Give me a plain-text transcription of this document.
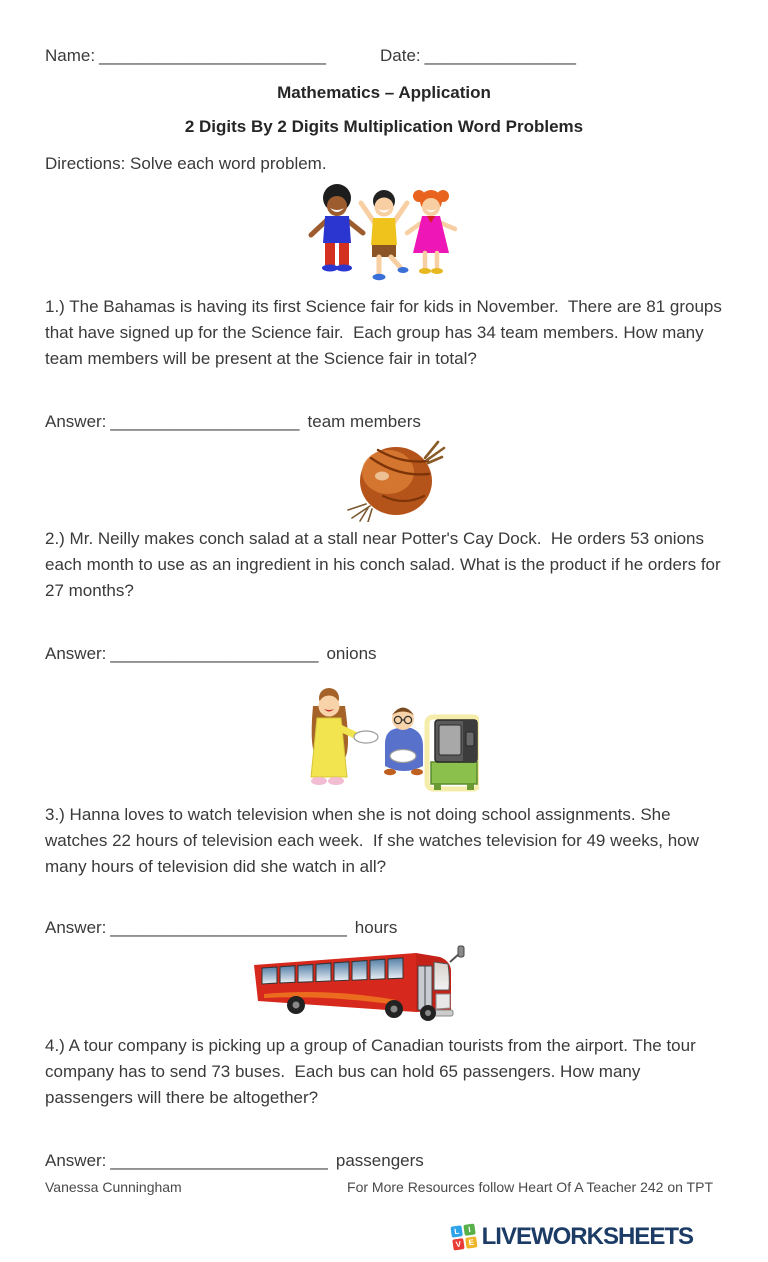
Name: ________________________	Date: ________________
Mathematics – Application
2 Digits By 2 Digits Multiplication Word Problems

Directions: Solve each word problem.

1.) The Bahamas is having its first Science fair for kids in November.  There are 81 groups that have signed up for the Science fair.  Each group has 34 team members. How many team members will be present at the Science fair in total?

Answer: ____________________ team members

2.) Mr. Neilly makes conch salad at a stall near Potter's Cay Dock.  He orders 53 onions each month to use as an ingredient in his conch salad. What is the product if he orders for 27 months?

Answer: ______________________ onions

3.) Hanna loves to watch television when she is not doing school assignments. She watches 22 hours of television each week.  If she watches television for 49 weeks, how many hours of television did she watch in all?

Answer: _________________________ hours

4.) A tour company is picking up a group of Canadian tourists from the airport. The tour company has to send 73 buses.  Each bus can hold 65 passengers. How many passengers will there be altogether?

Answer: _______________________ passengers
Vanessa Cunningham	For More Resources follow Heart Of A Teacher 242 on TPT
L	I
V E LIVEWORKSHEETS
